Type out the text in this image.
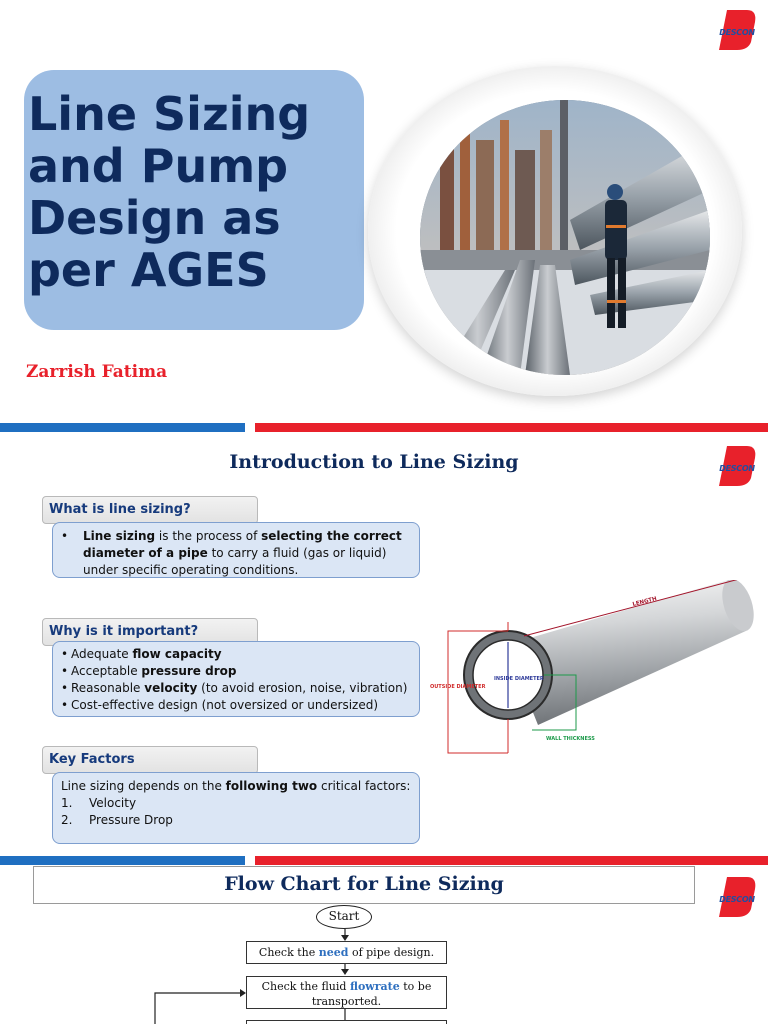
DESCON
Line Sizing
and Pump
Design as
per AGES
Zarrish Fatima
DESCON
Introduction to Line Sizing
What is line sizing?
• Line sizing is the process of selecting the correct diameter of a pipe to carry a fluid (gas or liquid) under specific operating conditions.
Why is it important?
• Adequate flow capacity
• Acceptable pressure drop
• Reasonable velocity (to avoid erosion, noise, vibration)
• Cost-effective design (not oversized or undersized)
Key Factors
Line sizing depends on the following two critical factors:
1. Velocity
2. Pressure Drop
LENGTH
OUTSIDE DIAMETER
INSIDE DIAMETER
WALL THICKNESS
Flow Chart for Line Sizing
DESCON
Start
Check the need of pipe design.
Check the fluid flowrate to be transported.
